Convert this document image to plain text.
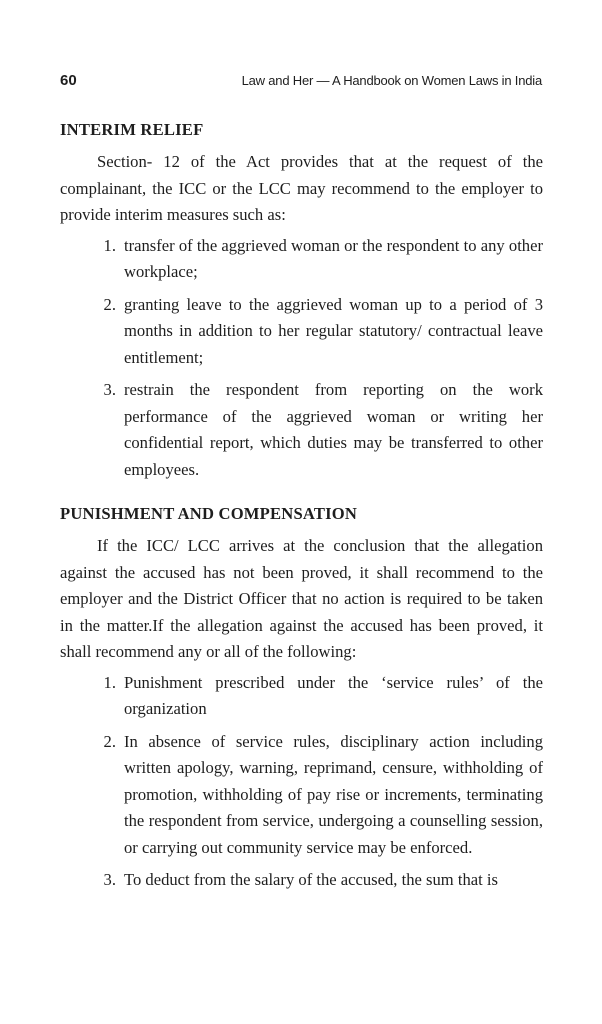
60	Law and Her — A Handbook on Women Laws in India
INTERIM RELIEF

Section- 12 of the Act provides that at the request of the complainant, the ICC or the LCC may recommend to the employer to provide interim measures such as:

1. transfer of the aggrieved woman or the respondent to any other workplace;
2. granting leave to the aggrieved woman up to a period of 3 months in addition to her regular statutory/ contractual leave entitlement;
3. restrain the respondent from reporting on the work performance of the aggrieved woman or writing her confidential report, which duties may be transferred to other employees.
PUNISHMENT AND COMPENSATION

If the ICC/ LCC arrives at the conclusion that the allegation against the accused has not been proved, it shall recommend to the employer and the District Officer that no action is required to be taken in the matter.If the allegation against the accused has been proved, it shall recommend any or all of the following:

1. Punishment prescribed under the ‘service rules’ of the organization
2. In absence of service rules, disciplinary action including written apology, warning, reprimand, censure, withholding of promotion, withholding of pay rise or increments, terminating the respondent from service, undergoing a counselling session, or carrying out community service may be enforced.
3. To deduct from the salary of the accused, the sum that is
